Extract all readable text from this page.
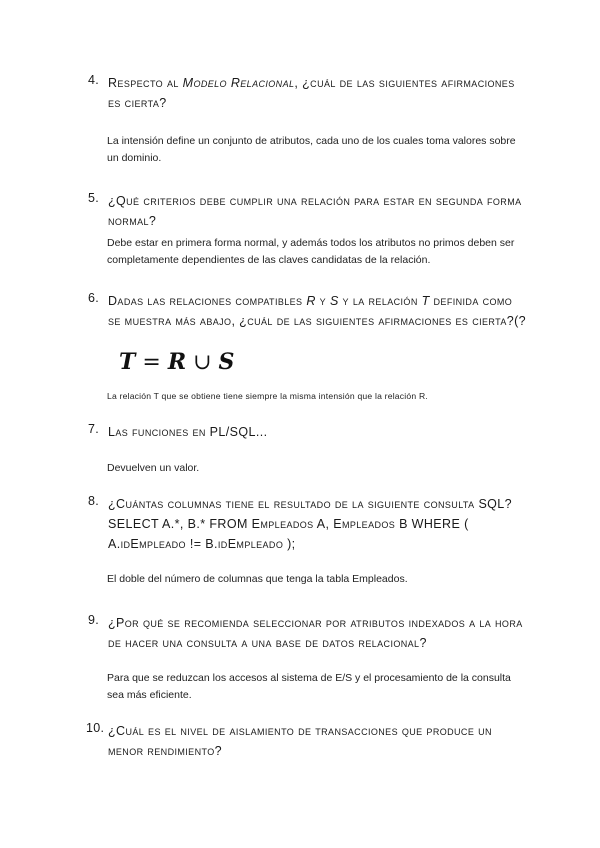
4. Respecto al Modelo Relacional, ¿cuál de las siguientes afirmaciones es cierta?
La intensión define un conjunto de atributos, cada uno de los cuales toma valores sobre un dominio.
5. ¿Qué criterios debe cumplir una relación para estar en segunda forma normal?
Debe estar en primera forma normal, y además todos los atributos no primos deben ser completamente dependientes de las claves candidatas de la relación.
6. Dadas las relaciones compatibles R y S y la relación T definida como se muestra más abajo, ¿cuál de las siguientes afirmaciones es cierta?(?
T = R ∪ S
La relación T que se obtiene tiene siempre la misma intensión que la relación R.
7. Las funciones en PL/SQL...
Devuelven un valor.
8. ¿Cuántas columnas tiene el resultado de la siguiente consulta SQL? SELECT A.*, B.* FROM Empleados A, Empleados B WHERE ( A.idEmpleado != B.idEmpleado );
El doble del número de columnas que tenga la tabla Empleados.
9. ¿Por qué se recomienda seleccionar por atributos indexados a la hora de hacer una consulta a una base de datos relacional?
Para que se reduzcan los accesos al sistema de E/S y el procesamiento de la consulta sea más eficiente.
10. ¿Cuál es el nivel de aislamiento de transacciones que produce un menor rendimiento?
